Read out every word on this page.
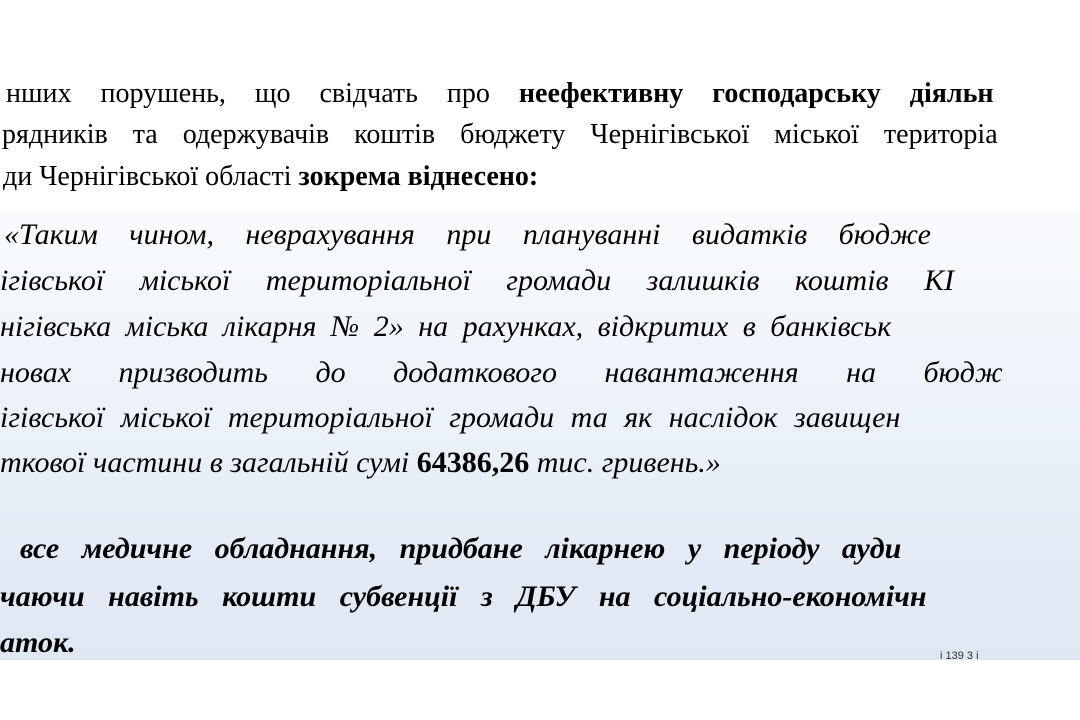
нших порушень, що свідчать про неефективну господарську діяльн
рядників та одержувачів коштів бюджету Чернігівської міської територіа
ди Чернігівської області зокрема віднесено:
«Таким чином, неврахування при плануванні видатків бюдже
ігівської міської територіальної громади залишків коштів КІ
нігівська міська лікарня № 2» на рахунках, відкритих в банківськ
новах призводить до додаткового навантаження на бюдж
ігівської міської територіальної громади та як наслідок завищен
ткової частини в загальній сумі 64386,26 тис. гривень.»
все медичне обладнання, придбане лікарнею у періоду ауди
чаючи навіть кошти субвенції з ДБУ на соціально-економічн
аток.	i 139 3 i
